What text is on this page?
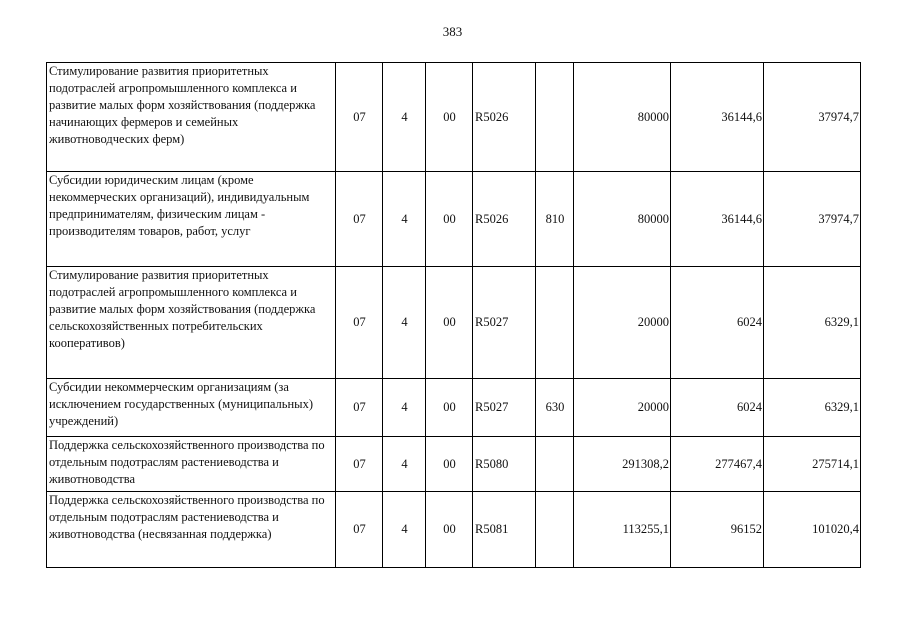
383
Стимулирование развития приоритетных подотраслей агропромышленного комплекса и развитие малых форм хозяйствования (поддержка начинающих фермеров и семейных животноводческих ферм)	07	4	00	R5026		80000	36144,6	37974,7
Субсидии юридическим лицам (кроме некоммерческих организаций), индивидуальным предпринимателям, физическим лицам - производителям товаров, работ, услуг	07	4	00	R5026	810	80000	36144,6	37974,7
Стимулирование развития приоритетных подотраслей агропромышленного комплекса и развитие малых форм хозяйствования (поддержка сельскохозяйственных потребительских кооперативов)	07	4	00	R5027		20000	6024	6329,1
Субсидии некоммерческим организациям (за исключением государственных (муниципальных) учреждений)	07	4	00	R5027	630	20000	6024	6329,1
Поддержка сельскохозяйственного производства по отдельным подотраслям растениеводства и животноводства	07	4	00	R5080		291308,2	277467,4	275714,1
Поддержка сельскохозяйственного производства по отдельным подотраслям растениеводства и животноводства (несвязанная поддержка)	07	4	00	R5081		113255,1	96152	101020,4
